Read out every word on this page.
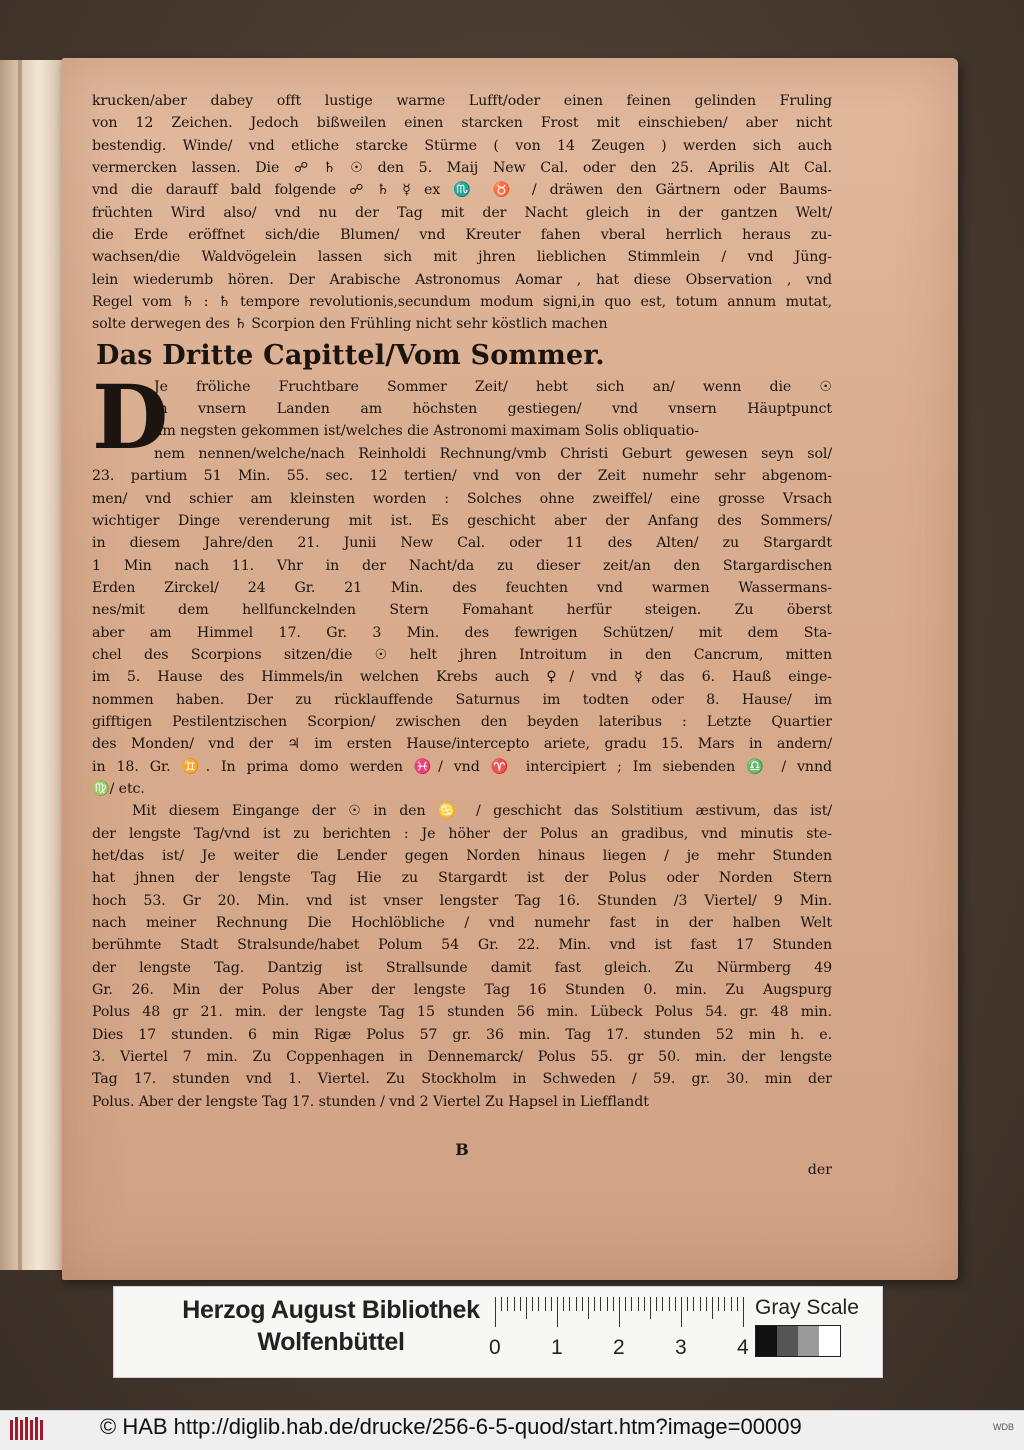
krucken/aber dabey offt lustige warme Lufft/oder einen feinen gelinden Fruling
von 12 Zeichen. Jedoch bißweilen einen starcken Frost mit einschieben/ aber nicht
bestendig. Winde/ vnd etliche starcke Stürme ( von 14 Zeugen ) werden sich auch
vermercken lassen. Die ☍ ♄ ☉ den 5. Maij New Cal. oder den 25. Aprilis Alt Cal.
vnd die darauff bald folgende ☍ ♄ ☿ ex ♏ ♉ / dräwen den Gärtnern oder Baums-
früchten Wird also/ vnd nu der Tag mit der Nacht gleich in der gantzen Welt/
die Erde eröffnet sich/die Blumen/ vnd Kreuter fahen vberal herrlich heraus zu-
wachsen/die Waldvögelein lassen sich mit jhren lieblichen Stimmlein / vnd Jüng-
lein wiederumb hören. Der Arabische Astronomus Aomar , hat diese Observation , vnd
Regel vom ♄ : ♄ tempore revolutionis,secundum modum signi,in quo est, totum annum mutat,
solte derwegen des ♄ Scorpion den Frühling nicht sehr köstlich machen
Das Dritte Capittel/Vom Sommer.
D
Je fröliche Fruchtbare Sommer Zeit/ hebt sich an/ wenn die ☉
in vnsern Landen am höchsten gestiegen/ vnd vnsern Häuptpunct
am negsten gekommen ist/welches die Astronomi maximam Solis obliquatio-
nem nennen/welche/nach Reinholdi Rechnung/vmb Christi Geburt gewesen seyn sol/
23. partium 51 Min. 55. sec. 12 tertien/ vnd von der Zeit numehr sehr abgenom-
men/ vnd schier am kleinsten worden : Solches ohne zweiffel/ eine grosse Vrsach
wichtiger Dinge verenderung mit ist. Es geschicht aber der Anfang des Sommers/
in diesem Jahre/den 21. Junii New Cal. oder 11 des Alten/ zu Stargardt
1 Min nach 11. Vhr in der Nacht/da zu dieser zeit/an den Stargardischen
Erden Zirckel/ 24 Gr. 21 Min. des feuchten vnd warmen Wassermans-
nes/mit dem hellfunckelnden Stern Fomahant herfür steigen. Zu öberst
aber am Himmel 17. Gr. 3 Min. des fewrigen Schützen/ mit dem Sta-
chel des Scorpions sitzen/die ☉ helt jhren Introitum in den Cancrum, mitten
im 5. Hause des Himmels/in welchen Krebs auch ♀/ vnd ☿ das 6. Hauß einge-
nommen haben. Der zu rücklauffende Saturnus im todten oder 8. Hause/ im
gifftigen Pestilentzischen Scorpion/ zwischen den beyden lateribus : Letzte Quartier
des Monden/ vnd der ♃ im ersten Hause/intercepto ariete, gradu 15. Mars in andern/
in 18. Gr. ♊. In prima domo werden ♓/ vnd ♈ intercipiert ; Im siebenden ♎ / vnnd
♍/ etc.
Mit diesem Eingange der ☉ in den ♋ / geschicht das Solstitium æstivum, das ist/
der lengste Tag/vnd ist zu berichten : Je höher der Polus an gradibus, vnd minutis ste-
het/das ist/ Je weiter die Lender gegen Norden hinaus liegen / je mehr Stunden
hat jhnen der lengste Tag Hie zu Stargardt ist der Polus oder Norden Stern
hoch 53. Gr 20. Min. vnd ist vnser lengster Tag 16. Stunden /3 Viertel/ 9 Min.
nach meiner Rechnung Die Hochlöbliche / vnd numehr fast in der halben Welt
berühmte Stadt Stralsunde/habet Polum 54 Gr. 22. Min. vnd ist fast 17 Stunden
der lengste Tag. Dantzig ist Strallsunde damit fast gleich. Zu Nürmberg 49
Gr. 26. Min der Polus Aber der lengste Tag 16 Stunden 0. min. Zu Augspurg
Polus 48 gr 21. min. der lengste Tag 15 stunden 56 min. Lübeck Polus 54. gr. 48 min.
Dies 17 stunden. 6 min Rigæ Polus 57 gr. 36 min. Tag 17. stunden 52 min h. e.
3. Viertel 7 min. Zu Coppenhagen in Dennemarck/ Polus 55. gr 50. min. der lengste
Tag 17. stunden vnd 1. Viertel. Zu Stockholm in Schweden / 59. gr. 30. min der
Polus. Aber der lengste Tag 17. stunden / vnd 2 Viertel Zu Hapsel in Liefflandt
B
der
Herzog August Bibliothek
Wolfenbüttel	0 1 2 3 4
Gray Scale
© HAB http://diglib.hab.de/drucke/256-6-5-quod/start.htm?image=00009	WDB
